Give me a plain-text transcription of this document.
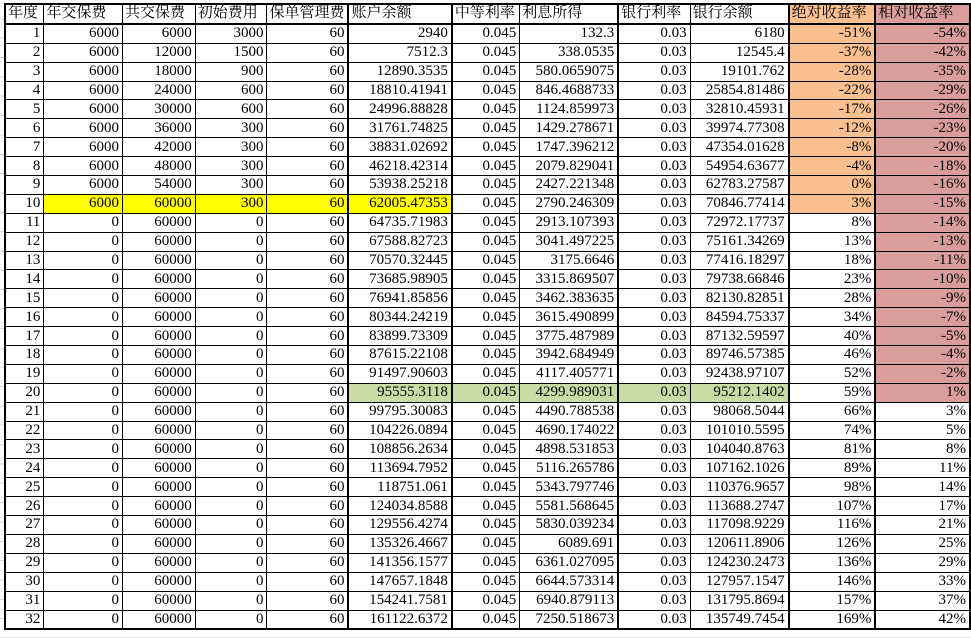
年度	年交保费	共交保费	初始费用	保单管理费	账户余额	中等利率	利息所得	银行利率	银行余额	绝对收益率	相对收益率
1	6000	6000	3000	60	2940	0.045	132.3	0.03	6180	-51%	-54%
2	6000	12000	1500	60	7512.3	0.045	338.0535	0.03	12545.4	-37%	-42%
3	6000	18000	900	60	12890.3535	0.045	580.0659075	0.03	19101.762	-28%	-35%
4	6000	24000	600	60	18810.41941	0.045	846.4688733	0.03	25854.81486	-22%	-29%
5	6000	30000	600	60	24996.88828	0.045	1124.859973	0.03	32810.45931	-17%	-26%
6	6000	36000	300	60	31761.74825	0.045	1429.278671	0.03	39974.77308	-12%	-23%
7	6000	42000	300	60	38831.02692	0.045	1747.396212	0.03	47354.01628	-8%	-20%
8	6000	48000	300	60	46218.42314	0.045	2079.829041	0.03	54954.63677	-4%	-18%
9	6000	54000	300	60	53938.25218	0.045	2427.221348	0.03	62783.27587	0%	-16%
10	6000	60000	300	60	62005.47353	0.045	2790.246309	0.03	70846.77414	3%	-15%
11	0	60000	0	60	64735.71983	0.045	2913.107393	0.03	72972.17737	8%	-14%
12	0	60000	0	60	67588.82723	0.045	3041.497225	0.03	75161.34269	13%	-13%
13	0	60000	0	60	70570.32445	0.045	3175.6646	0.03	77416.18297	18%	-11%
14	0	60000	0	60	73685.98905	0.045	3315.869507	0.03	79738.66846	23%	-10%
15	0	60000	0	60	76941.85856	0.045	3462.383635	0.03	82130.82851	28%	-9%
16	0	60000	0	60	80344.24219	0.045	3615.490899	0.03	84594.75337	34%	-7%
17	0	60000	0	60	83899.73309	0.045	3775.487989	0.03	87132.59597	40%	-5%
18	0	60000	0	60	87615.22108	0.045	3942.684949	0.03	89746.57385	46%	-4%
19	0	60000	0	60	91497.90603	0.045	4117.405771	0.03	92438.97107	52%	-2%
20	0	60000	0	60	95555.3118	0.045	4299.989031	0.03	95212.1402	59%	1%
21	0	60000	0	60	99795.30083	0.045	4490.788538	0.03	98068.5044	66%	3%
22	0	60000	0	60	104226.0894	0.045	4690.174022	0.03	101010.5595	74%	5%
23	0	60000	0	60	108856.2634	0.045	4898.531853	0.03	104040.8763	81%	8%
24	0	60000	0	60	113694.7952	0.045	5116.265786	0.03	107162.1026	89%	11%
25	0	60000	0	60	118751.061	0.045	5343.797746	0.03	110376.9657	98%	14%
26	0	60000	0	60	124034.8588	0.045	5581.568645	0.03	113688.2747	107%	17%
27	0	60000	0	60	129556.4274	0.045	5830.039234	0.03	117098.9229	116%	21%
28	0	60000	0	60	135326.4667	0.045	6089.691	0.03	120611.8906	126%	25%
29	0	60000	0	60	141356.1577	0.045	6361.027095	0.03	124230.2473	136%	29%
30	0	60000	0	60	147657.1848	0.045	6644.573314	0.03	127957.1547	146%	33%
31	0	60000	0	60	154241.7581	0.045	6940.879113	0.03	131795.8694	157%	37%
32	0	60000	0	60	161122.6372	0.045	7250.518673	0.03	135749.7454	169%	42%
